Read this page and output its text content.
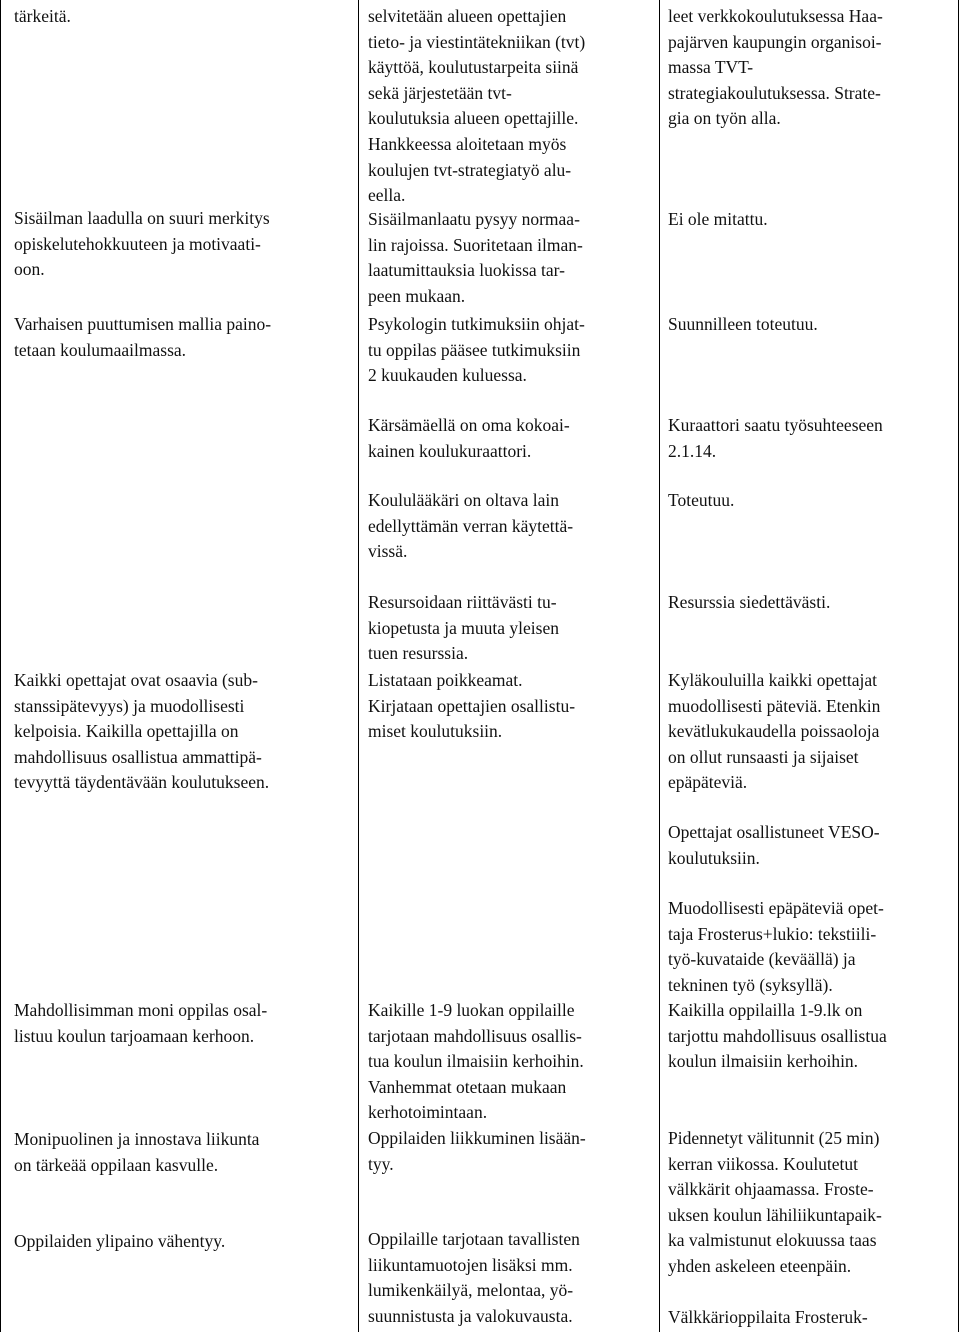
tärkeitä.

Sisäilman laadulla on suuri merkitys
opiskelutehokkuuteen ja motivaati-
oon.

Varhaisen puuttumisen mallia paino-
tetaan koulumaailmassa.

Kaikki opettajat ovat osaavia (sub-
stanssipätevyys) ja muodollisesti
kelpoisia. Kaikilla opettajilla on
mahdollisuus osallistua ammattipä-
tevyyttä täydentävään koulutukseen.

Mahdollisimman moni oppilas osal-
listuu koulun tarjoamaan kerhoon.

Monipuolinen ja innostava liikunta
on tärkeää oppilaan kasvulle.

Oppilaiden ylipaino vähentyy.

selvitetään alueen opettajien
tieto- ja viestintätekniikan (tvt)
käyttöä, koulutustarpeita siinä
sekä järjestetään tvt-
koulutuksia alueen opettajille.
Hankkeessa aloitetaan myös
koulujen tvt-strategiatyö alu-
eella.

Sisäilmanlaatu pysyy normaa-
lin rajoissa. Suoritetaan ilman-
laatumittauksia luokissa tar-
peen mukaan.

Psykologin tutkimuksiin ohjat-
tu oppilas pääsee tutkimuksiin
2 kuukauden kuluessa.

Kärsämäellä on oma kokoai-
kainen koulukuraattori.

Koululääkäri on oltava lain
edellyttämän verran käytettä-
vissä.

Resursoidaan riittävästi tu-
kiopetusta ja muuta yleisen
tuen resurssia.

Listataan poikkeamat.
Kirjataan opettajien osallistu-
miset koulutuksiin.

Kaikille 1-9 luokan oppilaille
tarjotaan mahdollisuus osallis-
tua koulun ilmaisiin kerhoihin.
Vanhemmat otetaan mukaan
kerhotoimintaan.

Oppilaiden liikkuminen lisään-
tyy.

Oppilaille tarjotaan tavallisten
liikuntamuotojen lisäksi mm.
lumikenkäilyä, melontaa, yö-
suunnistusta ja valokuvausta.

leet verkkokoulutuksessa Haa-
pajärven kaupungin organisoi-
massa TVT-
strategiakoulutuksessa. Strate-
gia on työn alla.

Ei ole mitattu.

Suunnilleen toteutuu.

Kuraattori saatu työsuhteeseen
2.1.14.

Toteutuu.

Resurssia siedettävästi.

Kyläkouluilla kaikki opettajat
muodollisesti päteviä. Etenkin
kevätlukukaudella poissaoloja
on ollut runsaasti ja sijaiset
epäpäteviä.

Opettajat osallistuneet VESO-
koulutuksiin.

Muodollisesti epäpäteviä opet-
taja Frosterus+lukio: tekstiili-
työ-kuvataide (keväällä) ja
tekninen työ (syksyllä).

Kaikilla oppilailla 1-9.lk on
tarjottu mahdollisuus osallistua
koulun ilmaisiin kerhoihin.

Pidennetyt välitunnit (25 min)
kerran viikossa. Koulutetut
välkkärit ohjaamassa. Froste-
uksen koulun lähiliikuntapaik-
ka valmistunut elokuussa taas
yhden askeleen eteenpäin.

Välkkärioppilaita Frosteruk-
